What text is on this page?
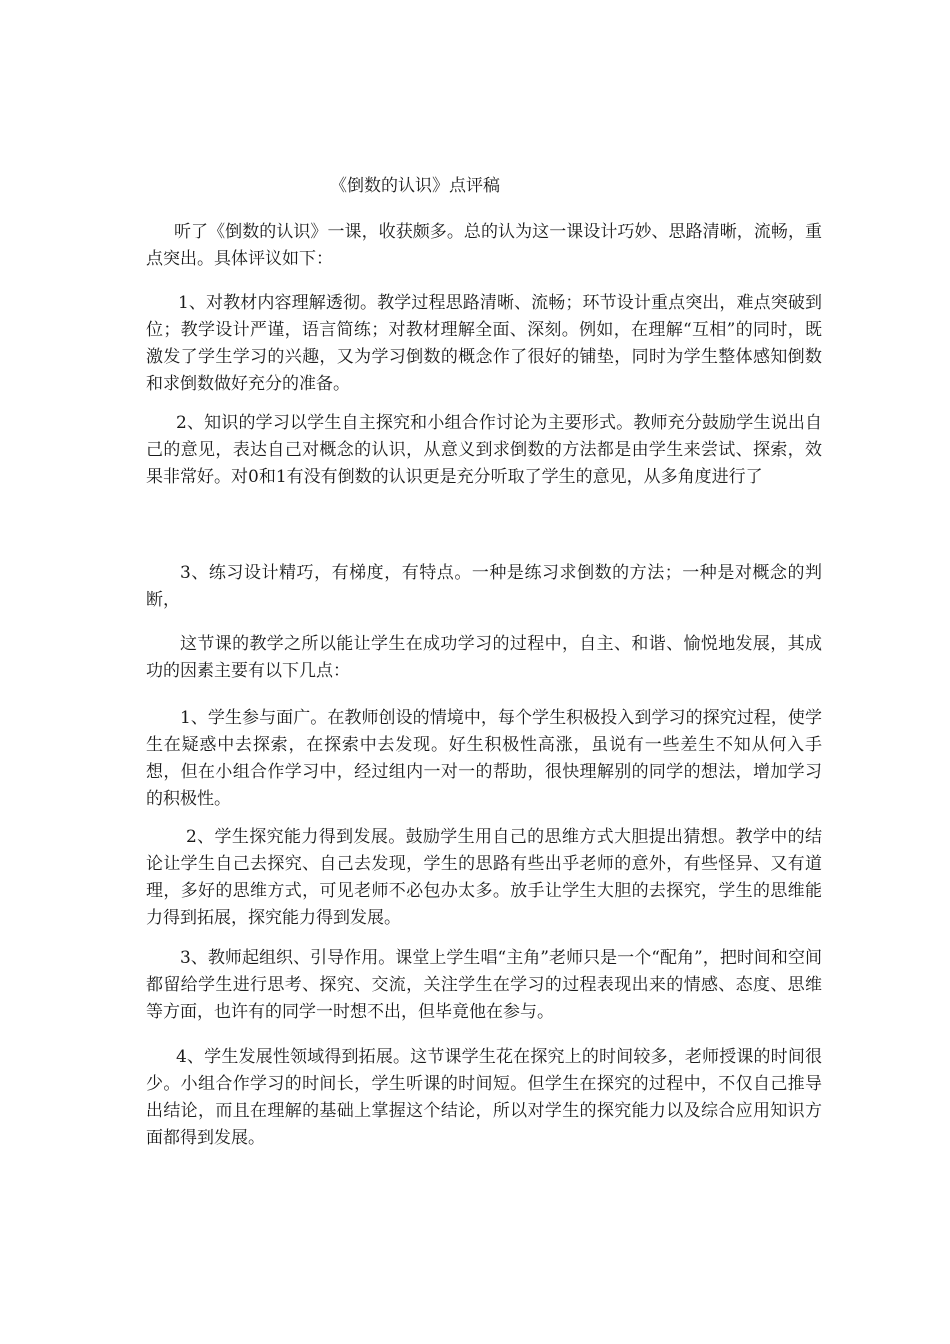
《倒数的认识》点评稿
听了《倒数的认识》一课，收获颇多。总的认为这一课设计巧妙、思路清晰，流畅，重点突出。具体评议如下：
1、对教材内容理解透彻。教学过程思路清晰、流畅；环节设计重点突出，难点突破到位；教学设计严谨，语言简练；对教材理解全面、深刻。例如，在理解“互相”的同时，既激发了学生学习的兴趣，又为学习倒数的概念作了很好的铺垫，同时为学生整体感知倒数和求倒数做好充分的准备。
2、知识的学习以学生自主探究和小组合作讨论为主要形式。教师充分鼓励学生说出自己的意见，表达自己对概念的认识，从意义到求倒数的方法都是由学生来尝试、探索，效果非常好。对0和1有没有倒数的认识更是充分听取了学生的意见，从多角度进行了
3、练习设计精巧，有梯度，有特点。一种是练习求倒数的方法；一种是对概念的判断，
这节课的教学之所以能让学生在成功学习的过程中，自主、和谐、愉悦地发展，其成功的因素主要有以下几点：
1、学生参与面广。在教师创设的情境中，每个学生积极投入到学习的探究过程，使学生在疑惑中去探索，在探索中去发现。好生积极性高涨，虽说有一些差生不知从何入手想，但在小组合作学习中，经过组内一对一的帮助，很快理解别的同学的想法，增加学习的积极性。
2、学生探究能力得到发展。鼓励学生用自己的思维方式大胆提出猜想。教学中的结论让学生自己去探究、自己去发现，学生的思路有些出乎老师的意外，有些怪异、又有道理，多好的思维方式，可见老师不必包办太多。放手让学生大胆的去探究，学生的思维能力得到拓展，探究能力得到发展。
3、教师起组织、引导作用。课堂上学生唱“主角”老师只是一个“配角”，把时间和空间都留给学生进行思考、探究、交流，关注学生在学习的过程表现出来的情感、态度、思维等方面，也许有的同学一时想不出，但毕竟他在参与。
4、学生发展性领域得到拓展。这节课学生花在探究上的时间较多，老师授课的时间很少。小组合作学习的时间长，学生听课的时间短。但学生在探究的过程中，不仅自己推导出结论，而且在理解的基础上掌握这个结论，所以对学生的探究能力以及综合应用知识方面都得到发展。
